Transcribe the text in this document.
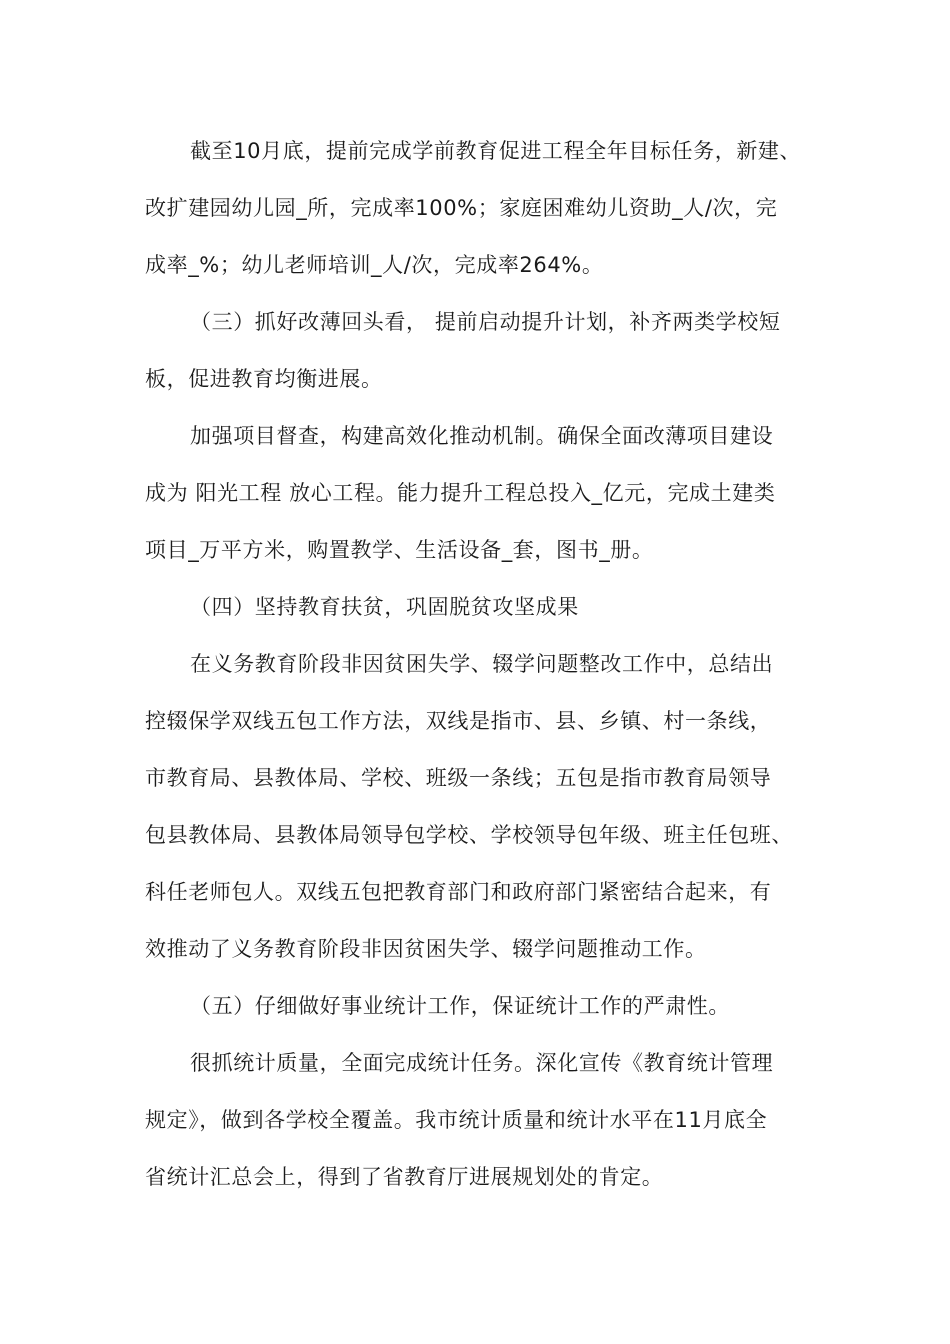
截至10月底，提前完成学前教育促进工程全年目标任务，新建、
改扩建园幼儿园_所，完成率100%；家庭困难幼儿资助_人/次，完
成率_%；幼儿老师培训_人/次，完成率264%。

（三）抓好改薄回头看， 提前启动提升计划，补齐两类学校短
板，促进教育均衡进展。

加强项目督查，构建高效化推动机制。确保全面改薄项目建设
成为 阳光工程 放心工程。能力提升工程总投入_亿元，完成土建类
项目_万平方米，购置教学、生活设备_套，图书_册。

（四）坚持教育扶贫，巩固脱贫攻坚成果

在义务教育阶段非因贫困失学、辍学问题整改工作中，总结出
控辍保学双线五包工作方法，双线是指市、县、乡镇、村一条线，
市教育局、县教体局、学校、班级一条线；五包是指市教育局领导
包县教体局、县教体局领导包学校、学校领导包年级、班主任包班、
科任老师包人。双线五包把教育部门和政府部门紧密结合起来，有
效推动了义务教育阶段非因贫困失学、辍学问题推动工作。

（五）仔细做好事业统计工作，保证统计工作的严肃性。

很抓统计质量，全面完成统计任务。深化宣传《教育统计管理
规定》，做到各学校全覆盖。我市统计质量和统计水平在11月底全
省统计汇总会上，得到了省教育厅进展规划处的肯定。
